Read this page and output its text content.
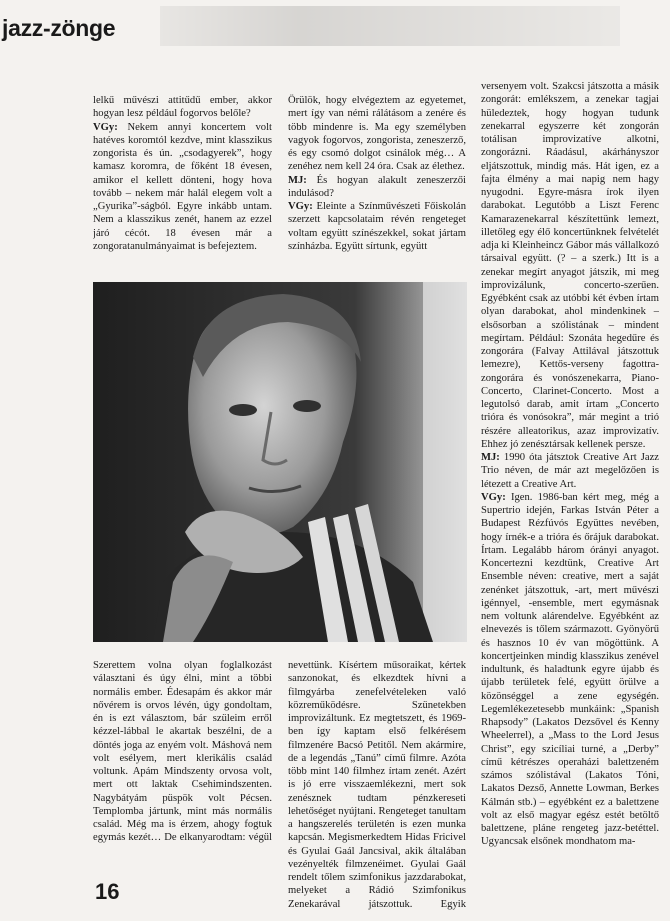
jazz-zönge

lelkű művészi attitűdű ember, akkor hogyan lesz például fogorvos belőle?

VGy: Nekem annyi koncertem volt hatéves koromtól kezdve, mint klasszikus zongorista és ún. „csodagyerek”, hogy kamasz koromra, de főként 18 évesen, amikor el kellett dönteni, hogy hova tovább – nekem már halál elegem volt a „Gyurika”-ságból. Egyre inkább untam. Nem a klasszikus zenét, hanem az ezzel járó cécót. 18 évesen már a zongoratanulmányaimat is befejeztem.

Örülök, hogy elvégeztem az egyetemet, mert így van némi rálátásom a zenére és több mindenre is. Ma egy személyben vagyok fogorvos, zongorista, zeneszerző, és egy csomó dolgot csinálok még… A zenéhez nem kell 24 óra. Csak az élethez.

MJ: És hogyan alakult zeneszerzői indulásod?

VGy: Eleinte a Színművészeti Főiskolán szerzett kapcsolataim révén rengeteget voltam együtt színészekkel, sokat jártam színházba. Együtt sírtunk, együtt

versenyem volt. Szakcsi játszotta a másik zongorát: emlékszem, a zenekar tagjai hüledeztek, hogy hogyan tudunk zenekarral egyszerre két zongorán totálisan improvizatíve alkotni, zongorázni. Ráadásul, akárhányszor eljátszottuk, mindig más. Hát igen, ez a fajta élmény a mai napig nem hagy nyugodni. Egyre-másra írok ilyen darabokat. Legutóbb a Liszt Ferenc Kamarazenekarral készítettünk lemezt, illetőleg egy élő koncertünknek felvételét adja ki Kleinheincz Gábor más vállalkozó társaival együtt. (? – a szerk.) Itt is a zenekar megírt anyagot játszik, mi meg improvizálunk, concerto-szerűen. Egyébként csak az utóbbi két évben írtam olyan darabokat, ahol mindenkinek – elsősorban a szólistának – mindent megírtam. Például: Szonáta hegedűre és zongorára (Falvay Attilával játszottuk lemezre), Kettős-verseny fagottra-zongorára és vonószenekarra, Piano-Concerto, Clarinet-Concerto. Most a legutolsó darab, amit írtam „Concerto trióra és vonósokra”, már megint a trió részére alleatorikus, azaz improvizatív. Ehhez jó zenésztársak kellenek persze.

MJ: 1990 óta játsztok Creative Art Jazz Trio néven, de már azt megelőzően is létezett a Creative Art.

VGy: Igen. 1986-ban kért meg, még a Supertrio idején, Farkas István Péter a Budapest Rézfúvós Együttes nevében, hogy írnék-e a trióra és őrájuk darabokat. Írtam. Legalább három órányi anyagot. Koncertezni kezdtünk, Creative Art Ensemble néven: creative, mert a saját zenénket játszottuk, -art, mert művészi igénnyel, -ensemble, mert egymásnak nem voltunk alárendelve. Egyébként az elnevezés is tőlem származott. Gyönyörű és hasznos 10 év van mögöttünk. A koncertjeinken mindig klasszikus zenével indultunk, és haladtunk egyre újabb és újabb területek felé, együtt örülve a közönséggel a zene egységén. Legemlékezetesebb munkáink: „Spanish Rhapsody” (Lakatos Dezsővel és Kenny Wheelerrel), a „Mass to the Lord Jesus Christ”, egy szicíliai turné, a „Derby” című kétrészes operaházi balettzeném számos szólistával (Lakatos Tóni, Lakatos Dezső, Annette Lowman, Berkes Kálmán stb.) – egyébként ez a balettzene volt az első magyar egész estét betöltő balettzene, pláne rengeteg jazz-betéttel. Ugyancsak elsőnek mondhatom ma-

Szerettem volna olyan foglalkozást választani és úgy élni, mint a többi normális ember. Édesapám és akkor már nővérem is orvos lévén, úgy gondoltam, én is ezt választom, bár szüleim erről kézzel-lábbal le akartak beszélni, de a döntés joga az enyém volt. Máshová nem volt esélyem, mert klerikális család voltunk. Apám Mindszenty orvosa volt, mert ott laktak Csehimindszenten. Nagybátyám püspök volt Pécsen. Templomba jártunk, mint más normális család. Még ma is érzem, ahogy fogtuk egymás kezét… De elkanyarodtam: végül

nevettünk. Kísértem műsoraikat, kértek sanzonokat, és elkezdtek hívni a filmgyárba zenefelvételeken való közreműködésre. Szünetekben improvizáltunk. Ez megtetszett, és 1969-ben így kaptam első felkérésem filmzenére Bacsó Petitől. Nem akármire, de a legendás „Tanú” című filmre. Azóta több mint 140 filmhez írtam zenét. Azért is jó erre visszaemlékezni, mert sok zenésznek tudtam pénzkereseti lehetőséget nyújtani. Rengeteget tanultam a hangszerelés területén is ezen munka kapcsán. Megismerkedtem Hidas Fricivel és Gyulai Gaál Jancsival, akik általában vezényelték filmzenéimet. Gyulai Gaál rendelt tőlem szimfonikus jazzdarabokat, melyeket a Rádió Szimfonikus Zenekarával játszottuk. Egyik

16
